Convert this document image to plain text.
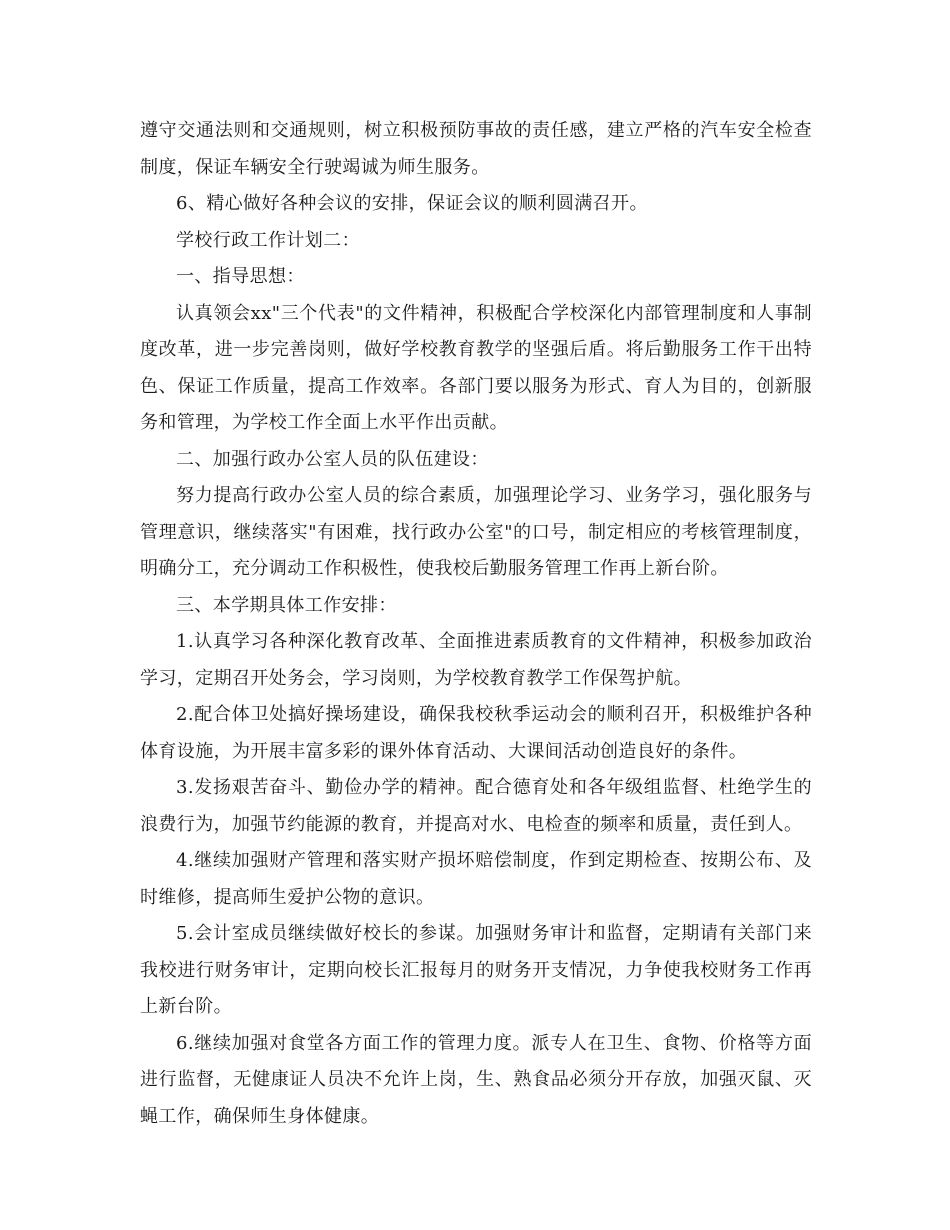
遵守交通法则和交通规则，树立积极预防事故的责任感，建立严格的汽车安全检查制度，保证车辆安全行驶竭诚为师生服务。

6、精心做好各种会议的安排，保证会议的顺利圆满召开。

学校行政工作计划二：

一、指导思想：

认真领会xx"三个代表"的文件精神，积极配合学校深化内部管理制度和人事制度改革，进一步完善岗则，做好学校教育教学的坚强后盾。将后勤服务工作干出特色、保证工作质量，提高工作效率。各部门要以服务为形式、育人为目的，创新服务和管理，为学校工作全面上水平作出贡献。

二、加强行政办公室人员的队伍建设：

努力提高行政办公室人员的综合素质，加强理论学习、业务学习，强化服务与管理意识，继续落实"有困难，找行政办公室"的口号，制定相应的考核管理制度，明确分工，充分调动工作积极性，使我校后勤服务管理工作再上新台阶。

三、本学期具体工作安排：

1.认真学习各种深化教育改革、全面推进素质教育的文件精神，积极参加政治学习，定期召开处务会，学习岗则，为学校教育教学工作保驾护航。

2.配合体卫处搞好操场建设，确保我校秋季运动会的顺利召开，积极维护各种体育设施，为开展丰富多彩的课外体育活动、大课间活动创造良好的条件。

3.发扬艰苦奋斗、勤俭办学的精神。配合德育处和各年级组监督、杜绝学生的浪费行为，加强节约能源的教育，并提高对水、电检查的频率和质量，责任到人。

4.继续加强财产管理和落实财产损坏赔偿制度，作到定期检查、按期公布、及时维修，提高师生爱护公物的意识。

5.会计室成员继续做好校长的参谋。加强财务审计和监督，定期请有关部门来我校进行财务审计，定期向校长汇报每月的财务开支情况，力争使我校财务工作再上新台阶。

6.继续加强对食堂各方面工作的管理力度。派专人在卫生、食物、价格等方面进行监督，无健康证人员决不允许上岗，生、熟食品必须分开存放，加强灭鼠、灭蝇工作，确保师生身体健康。
